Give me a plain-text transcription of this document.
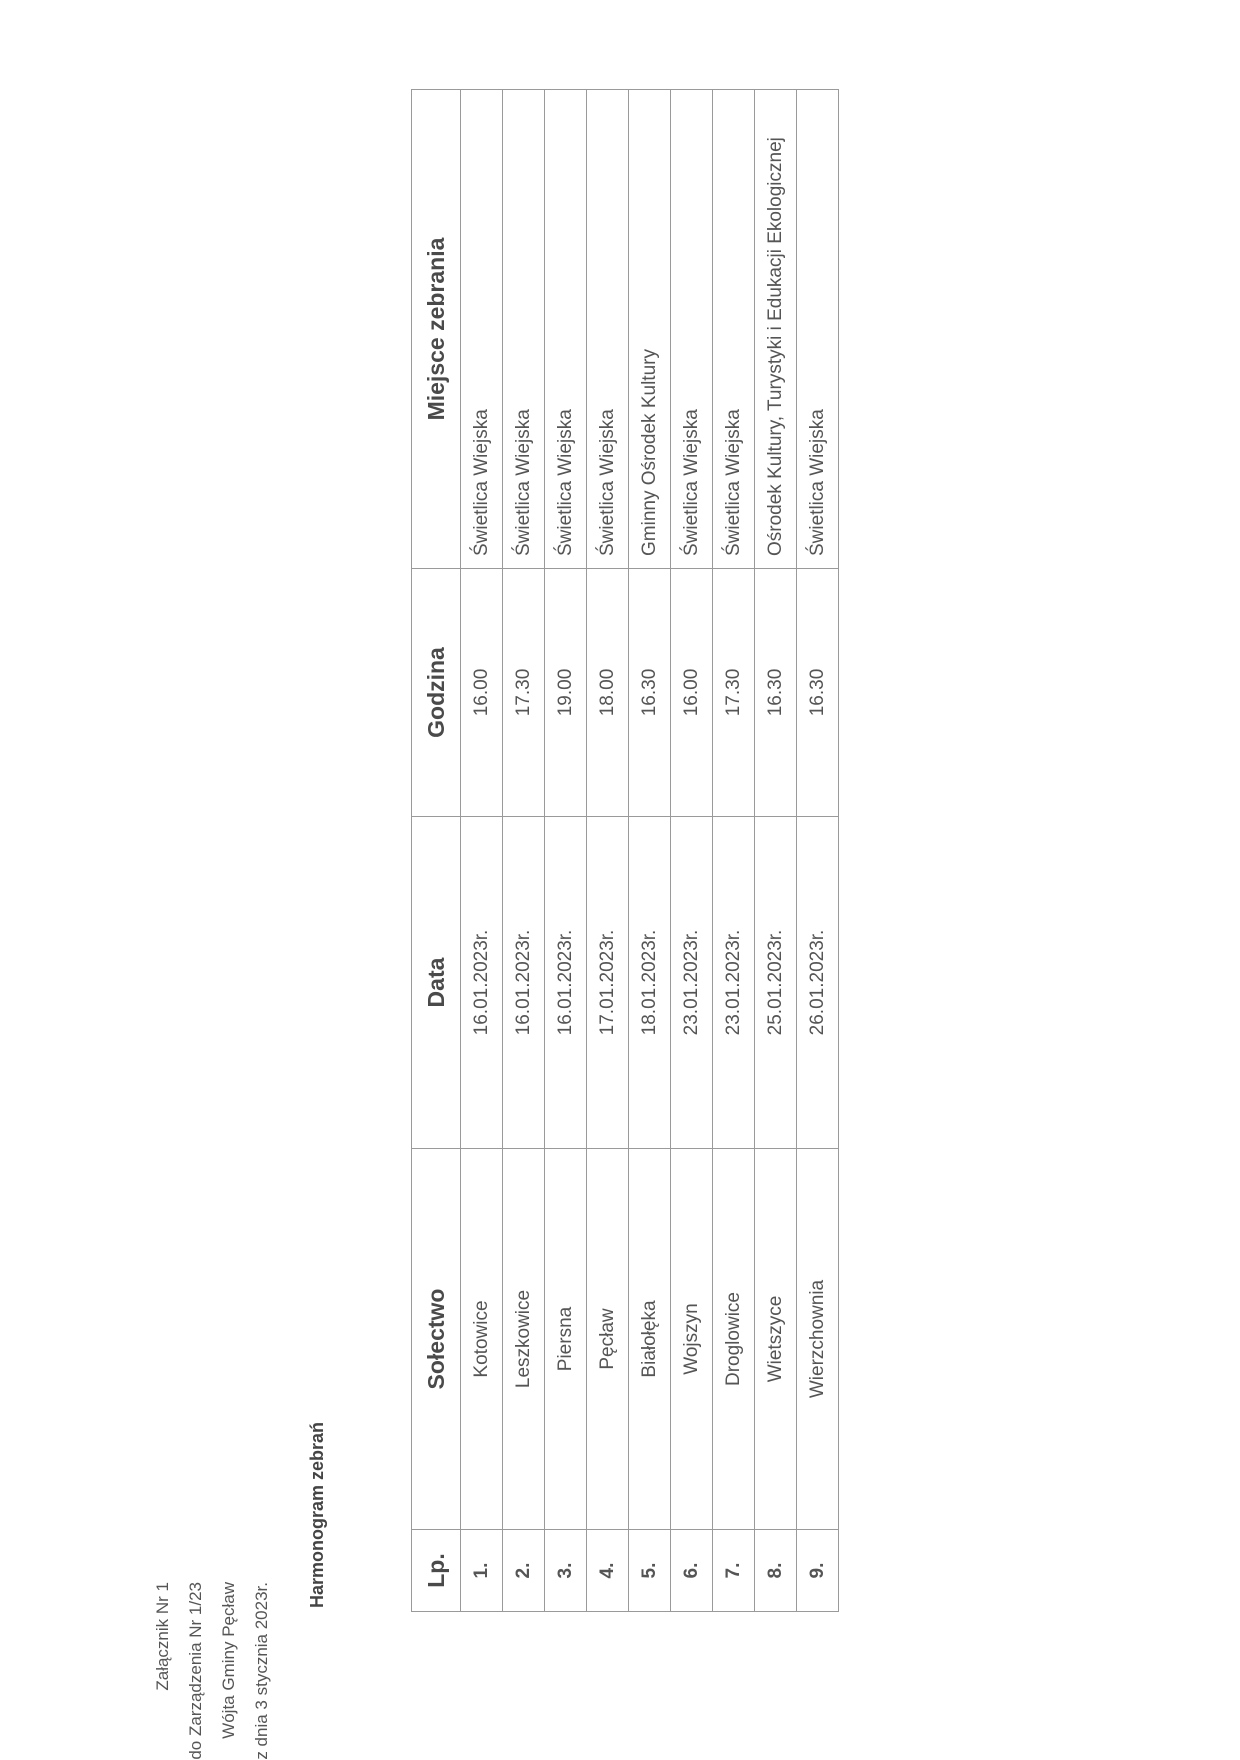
Załącznik Nr 1 do Zarządzenia Nr 1/23 Wójta Gminy Pęcław z dnia 3 stycznia 2023r.
Harmonogram zebrań	Lp.	Sołectwo	Data	Godzina	Miejsce zebrania
1.	Kotowice	16.01.2023r.	16.00	Świetlica Wiejska
2.	Leszkowice	16.01.2023r.	17.30	Świetlica Wiejska
3.	Piersna	16.01.2023r.	19.00	Świetlica Wiejska
4.	Pęcław	17.01.2023r.	18.00	Świetlica Wiejska
5.	Białołęka	18.01.2023r.	16.30	Gminny Ośrodek Kultury
6.	Wojszyn	23.01.2023r.	16.00	Świetlica Wiejska
7.	Droglowice	23.01.2023r.	17.30	Świetlica Wiejska
8.	Wietszyce	25.01.2023r.	16.30	Ośrodek Kultury, Turystyki i Edukacji Ekologicznej
9.	Wierzchownia	26.01.2023r.	16.30	Świetlica Wiejska
